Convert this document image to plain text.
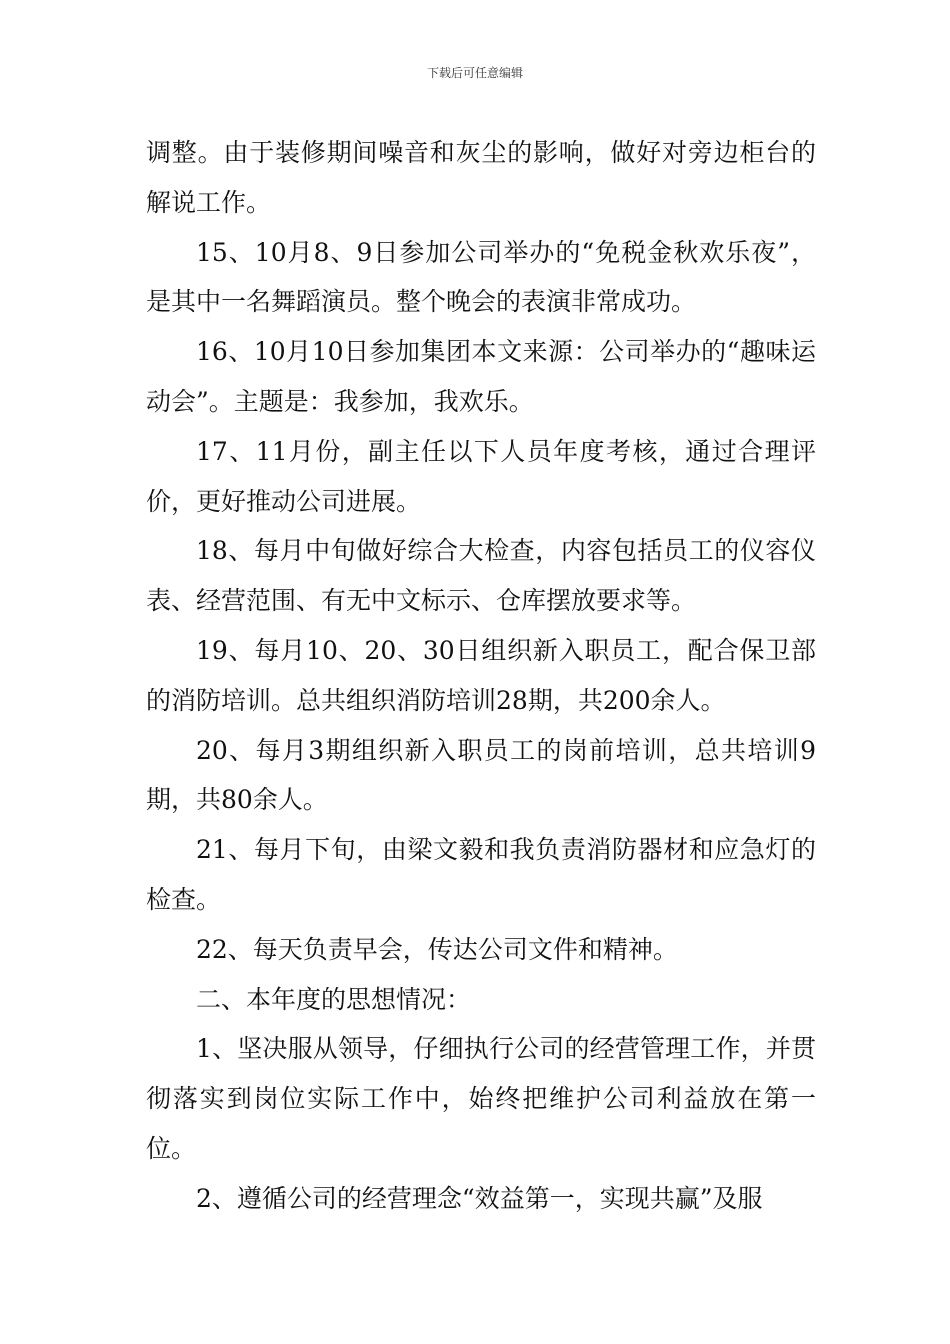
下载后可任意编辑

调整。由于装修期间噪音和灰尘的影响，做好对旁边柜台的解说工作。

15、10月8、9日参加公司举办的“免税金秋欢乐夜”，是其中一名舞蹈演员。整个晚会的表演非常成功。

16、10月10日参加集团本文来源：公司举办的“趣味运动会”。主题是：我参加，我欢乐。

17、11月份，副主任以下人员年度考核，通过合理评价，更好推动公司进展。

18、每月中旬做好综合大检查，内容包括员工的仪容仪表、经营范围、有无中文标示、仓库摆放要求等。

19、每月10、20、30日组织新入职员工，配合保卫部的消防培训。总共组织消防培训28期，共200余人。

20、每月3期组织新入职员工的岗前培训，总共培训9期，共80余人。

21、每月下旬，由梁文毅和我负责消防器材和应急灯的检查。

22、每天负责早会，传达公司文件和精神。

二、本年度的思想情况：

1、坚决服从领导，仔细执行公司的经营管理工作，并贯彻落实到岗位实际工作中，始终把维护公司利益放在第一位。

2、遵循公司的经营理念“效益第一，实现共赢”及服
